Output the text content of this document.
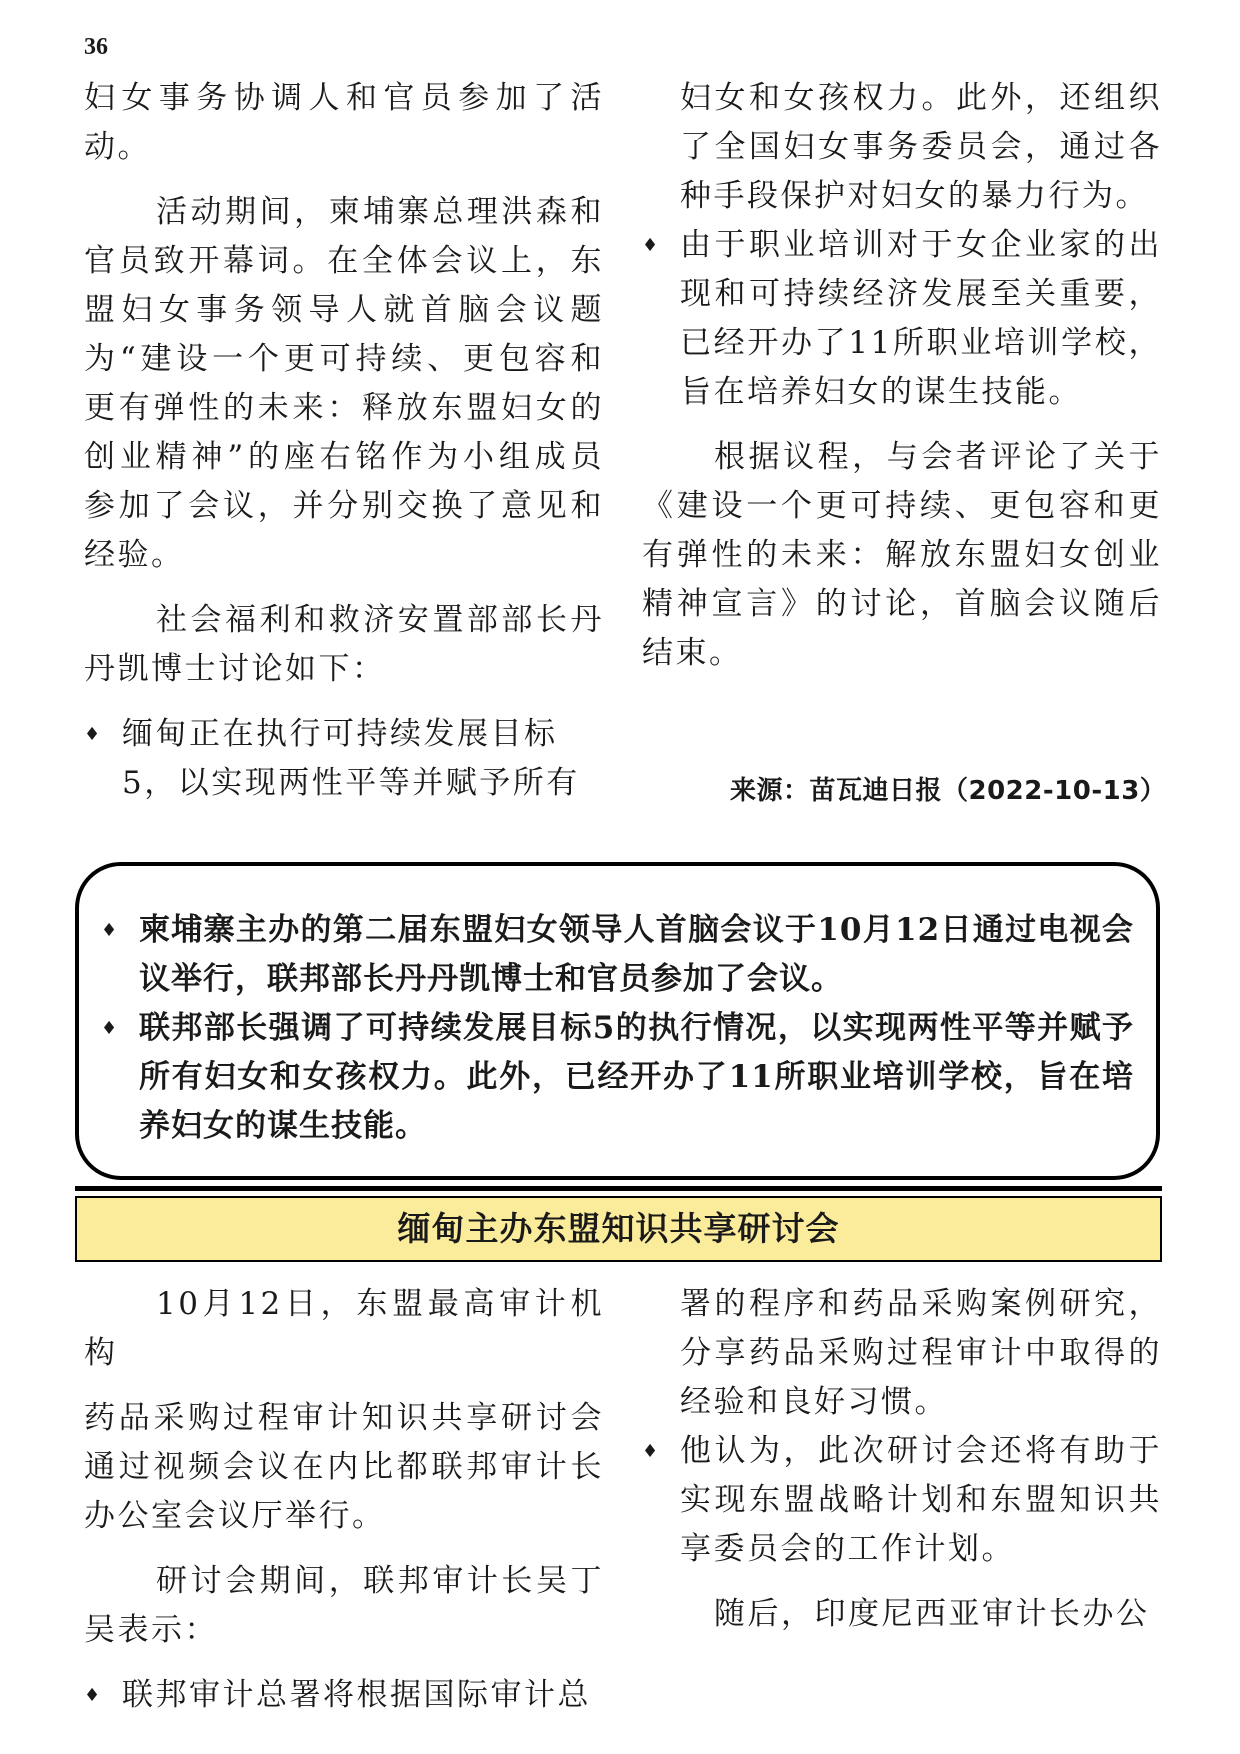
36

妇女事务协调人和官员参加了活动。

活动期间，柬埔寨总理洪森和官员致开幕词。在全体会议上，东盟妇女事务领导人就首脑会议题为“建设一个更可持续、更包容和更有弹性的未来：释放东盟妇女的创业精神”的座右铭作为小组成员参加了会议，并分别交换了意见和经验。

社会福利和救济安置部部长丹丹凯博士讨论如下：

♦ 缅甸正在执行可持续发展目标

5，以实现两性平等并赋予所有

妇女和女孩权力。此外，还组织了全国妇女事务委员会，通过各种手段保护对妇女的暴力行为。

♦ 由于职业培训对于女企业家的出现和可持续经济发展至关重要，已经开办了11所职业培训学校，旨在培养妇女的谋生技能。

根据议程，与会者评论了关于《建设一个更可持续、更包容和更有弹性的未来：解放东盟妇女创业精神宣言》的讨论，首脑会议随后结束。

来源：苗瓦迪日报（2022-10-13）
♦ 柬埔寨主办的第二届东盟妇女领导人首脑会议于10月12日通过电视会议举行，联邦部长丹丹凯博士和官员参加了会议。
♦ 联邦部长强调了可持续发展目标5的执行情况，以实现两性平等并赋予所有妇女和女孩权力。此外，已经开办了11所职业培训学校，旨在培养妇女的谋生技能。
缅甸主办东盟知识共享研讨会

10月12日，东盟最高审计机构

药品采购过程审计知识共享研讨会通过视频会议在内比都联邦审计长办公室会议厅举行。

研讨会期间，联邦审计长吴丁吴表示：

♦ 联邦审计总署将根据国际审计总

署的程序和药品采购案例研究，分享药品采购过程审计中取得的经验和良好习惯。

♦ 他认为，此次研讨会还将有助于实现东盟战略计划和东盟知识共享委员会的工作计划。

随后，印度尼西亚审计长办公
